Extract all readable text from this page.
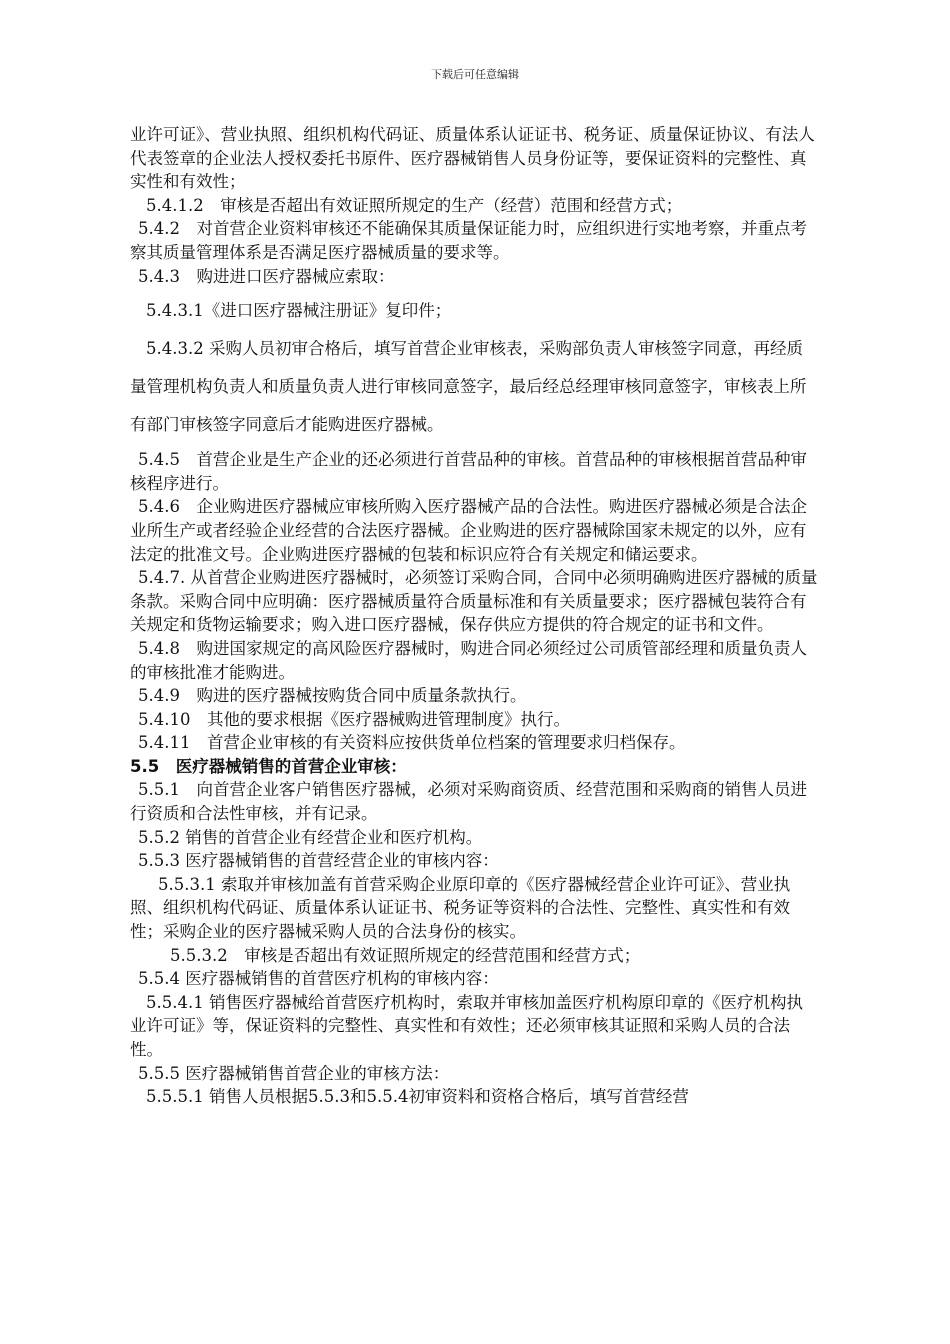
下载后可任意编辑

业许可证》、营业执照、组织机构代码证、质量体系认证证书、税务证、质量保证协议、有法人代表签章的企业法人授权委托书原件、医疗器械销售人员身份证等，要保证资料的完整性、真实性和有效性；

5.4.1.2　审核是否超出有效证照所规定的生产（经营）范围和经营方式；

5.4.2　对首营企业资料审核还不能确保其质量保证能力时，应组织进行实地考察，并重点考察其质量管理体系是否满足医疗器械质量的要求等。

5.4.3　购进进口医疗器械应索取：

5.4.3.1《进口医疗器械注册证》复印件；

5.4.3.2 采购人员初审合格后，填写首营企业审核表，采购部负责人审核签字同意，再经质量管理机构负责人和质量负责人进行审核同意签字，最后经总经理审核同意签字，审核表上所有部门审核签字同意后才能购进医疗器械。

5.4.5　首营企业是生产企业的还必须进行首营品种的审核。首营品种的审核根据首营品种审核程序进行。

5.4.6　企业购进医疗器械应审核所购入医疗器械产品的合法性。购进医疗器械必须是合法企业所生产或者经验企业经营的合法医疗器械。企业购进的医疗器械除国家未规定的以外，应有法定的批准文号。企业购进医疗器械的包装和标识应符合有关规定和储运要求。

5.4.7. 从首营企业购进医疗器械时，必须签订采购合同，合同中必须明确购进医疗器械的质量条款。采购合同中应明确：医疗器械质量符合质量标准和有关质量要求；医疗器械包装符合有关规定和货物运输要求；购入进口医疗器械，保存供应方提供的符合规定的证书和文件。

5.4.8　购进国家规定的高风险医疗器械时，购进合同必须经过公司质管部经理和质量负责人的审核批准才能购进。

5.4.9　购进的医疗器械按购货合同中质量条款执行。

5.4.10　其他的要求根据《医疗器械购进管理制度》执行。

5.4.11　首营企业审核的有关资料应按供货单位档案的管理要求归档保存。

5.5　医疗器械销售的首营企业审核：

5.5.1　向首营企业客户销售医疗器械，必须对采购商资质、经营范围和采购商的销售人员进行资质和合法性审核，并有记录。

5.5.2 销售的首营企业有经营企业和医疗机构。

5.5.3 医疗器械销售的首营经营企业的审核内容：

5.5.3.1 索取并审核加盖有首营采购企业原印章的《医疗器械经营企业许可证》、营业执照、组织机构代码证、质量体系认证证书、税务证等资料的合法性、完整性、真实性和有效性；采购企业的医疗器械采购人员的合法身份的核实。

5.5.3.2　审核是否超出有效证照所规定的经营范围和经营方式；

5.5.4 医疗器械销售的首营医疗机构的审核内容：

5.5.4.1 销售医疗器械给首营医疗机构时，索取并审核加盖医疗机构原印章的《医疗机构执业许可证》等，保证资料的完整性、真实性和有效性；还必须审核其证照和采购人员的合法性。

5.5.5 医疗器械销售首营企业的审核方法：

5.5.5.1 销售人员根据5.5.3和5.5.4初审资料和资格合格后，填写首营经营
